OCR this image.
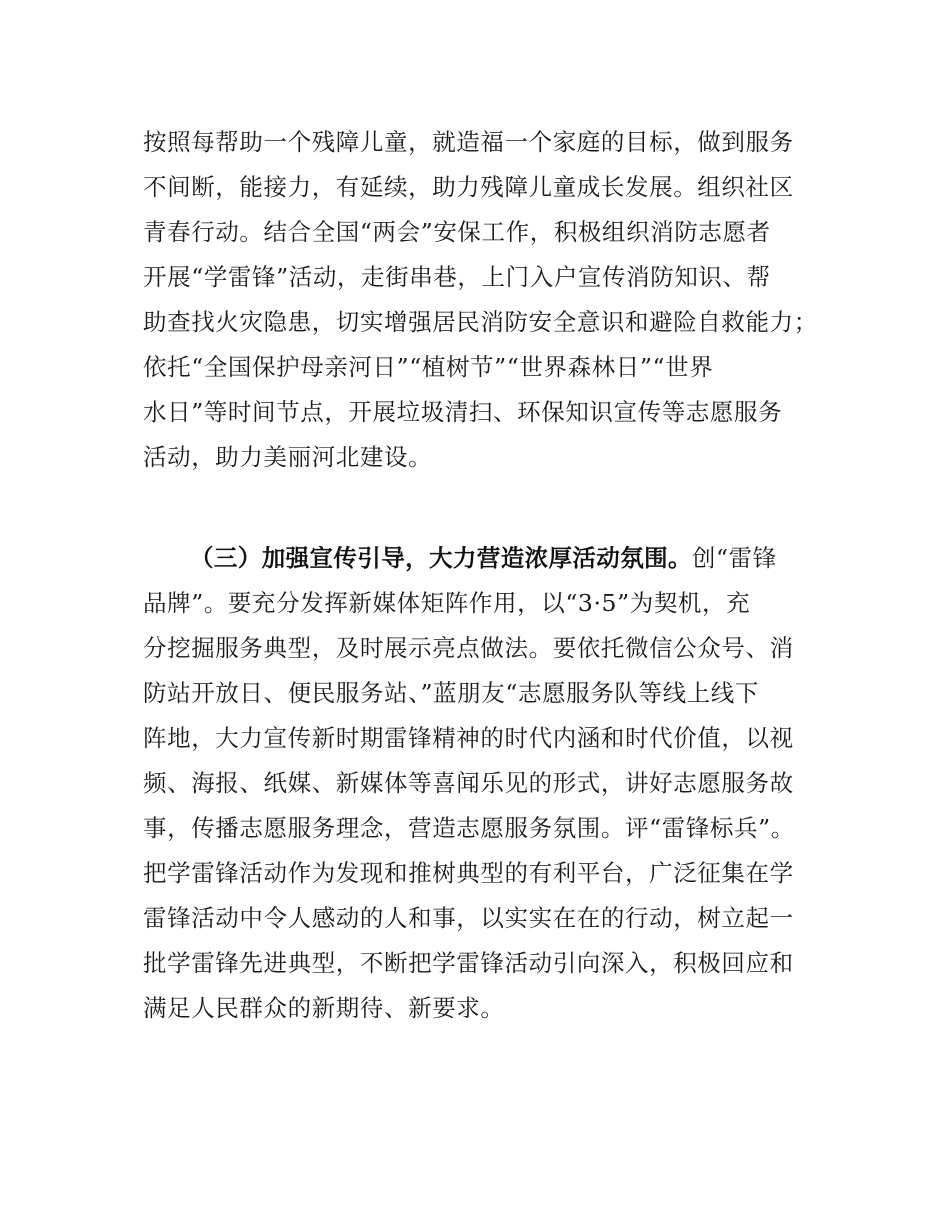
按照每帮助一个残障儿童，就造福一个家庭的目标，做到服务
不间断，能接力，有延续，助力残障儿童成长发展。组织社区
青春行动。结合全国“两会”安保工作，积极组织消防志愿者
开展“学雷锋”活动，走街串巷，上门入户宣传消防知识、帮
助查找火灾隐患，切实增强居民消防安全意识和避险自救能力；
依托“全国保护母亲河日”“植树节”“世界森林日”“世界
水日”等时间节点，开展垃圾清扫、环保知识宣传等志愿服务
活动，助力美丽河北建设。
（三）加强宣传引导，大力营造浓厚活动氛围。创“雷锋
品牌”。要充分发挥新媒体矩阵作用，以“3·5”为契机，充
分挖掘服务典型，及时展示亮点做法。要依托微信公众号、消
防站开放日、便民服务站、”蓝朋友“志愿服务队等线上线下
阵地，大力宣传新时期雷锋精神的时代内涵和时代价值，以视
频、海报、纸媒、新媒体等喜闻乐见的形式，讲好志愿服务故
事，传播志愿服务理念，营造志愿服务氛围。评“雷锋标兵”。
把学雷锋活动作为发现和推树典型的有利平台，广泛征集在学
雷锋活动中令人感动的人和事，以实实在在的行动，树立起一
批学雷锋先进典型，不断把学雷锋活动引向深入，积极回应和
满足人民群众的新期待、新要求。
